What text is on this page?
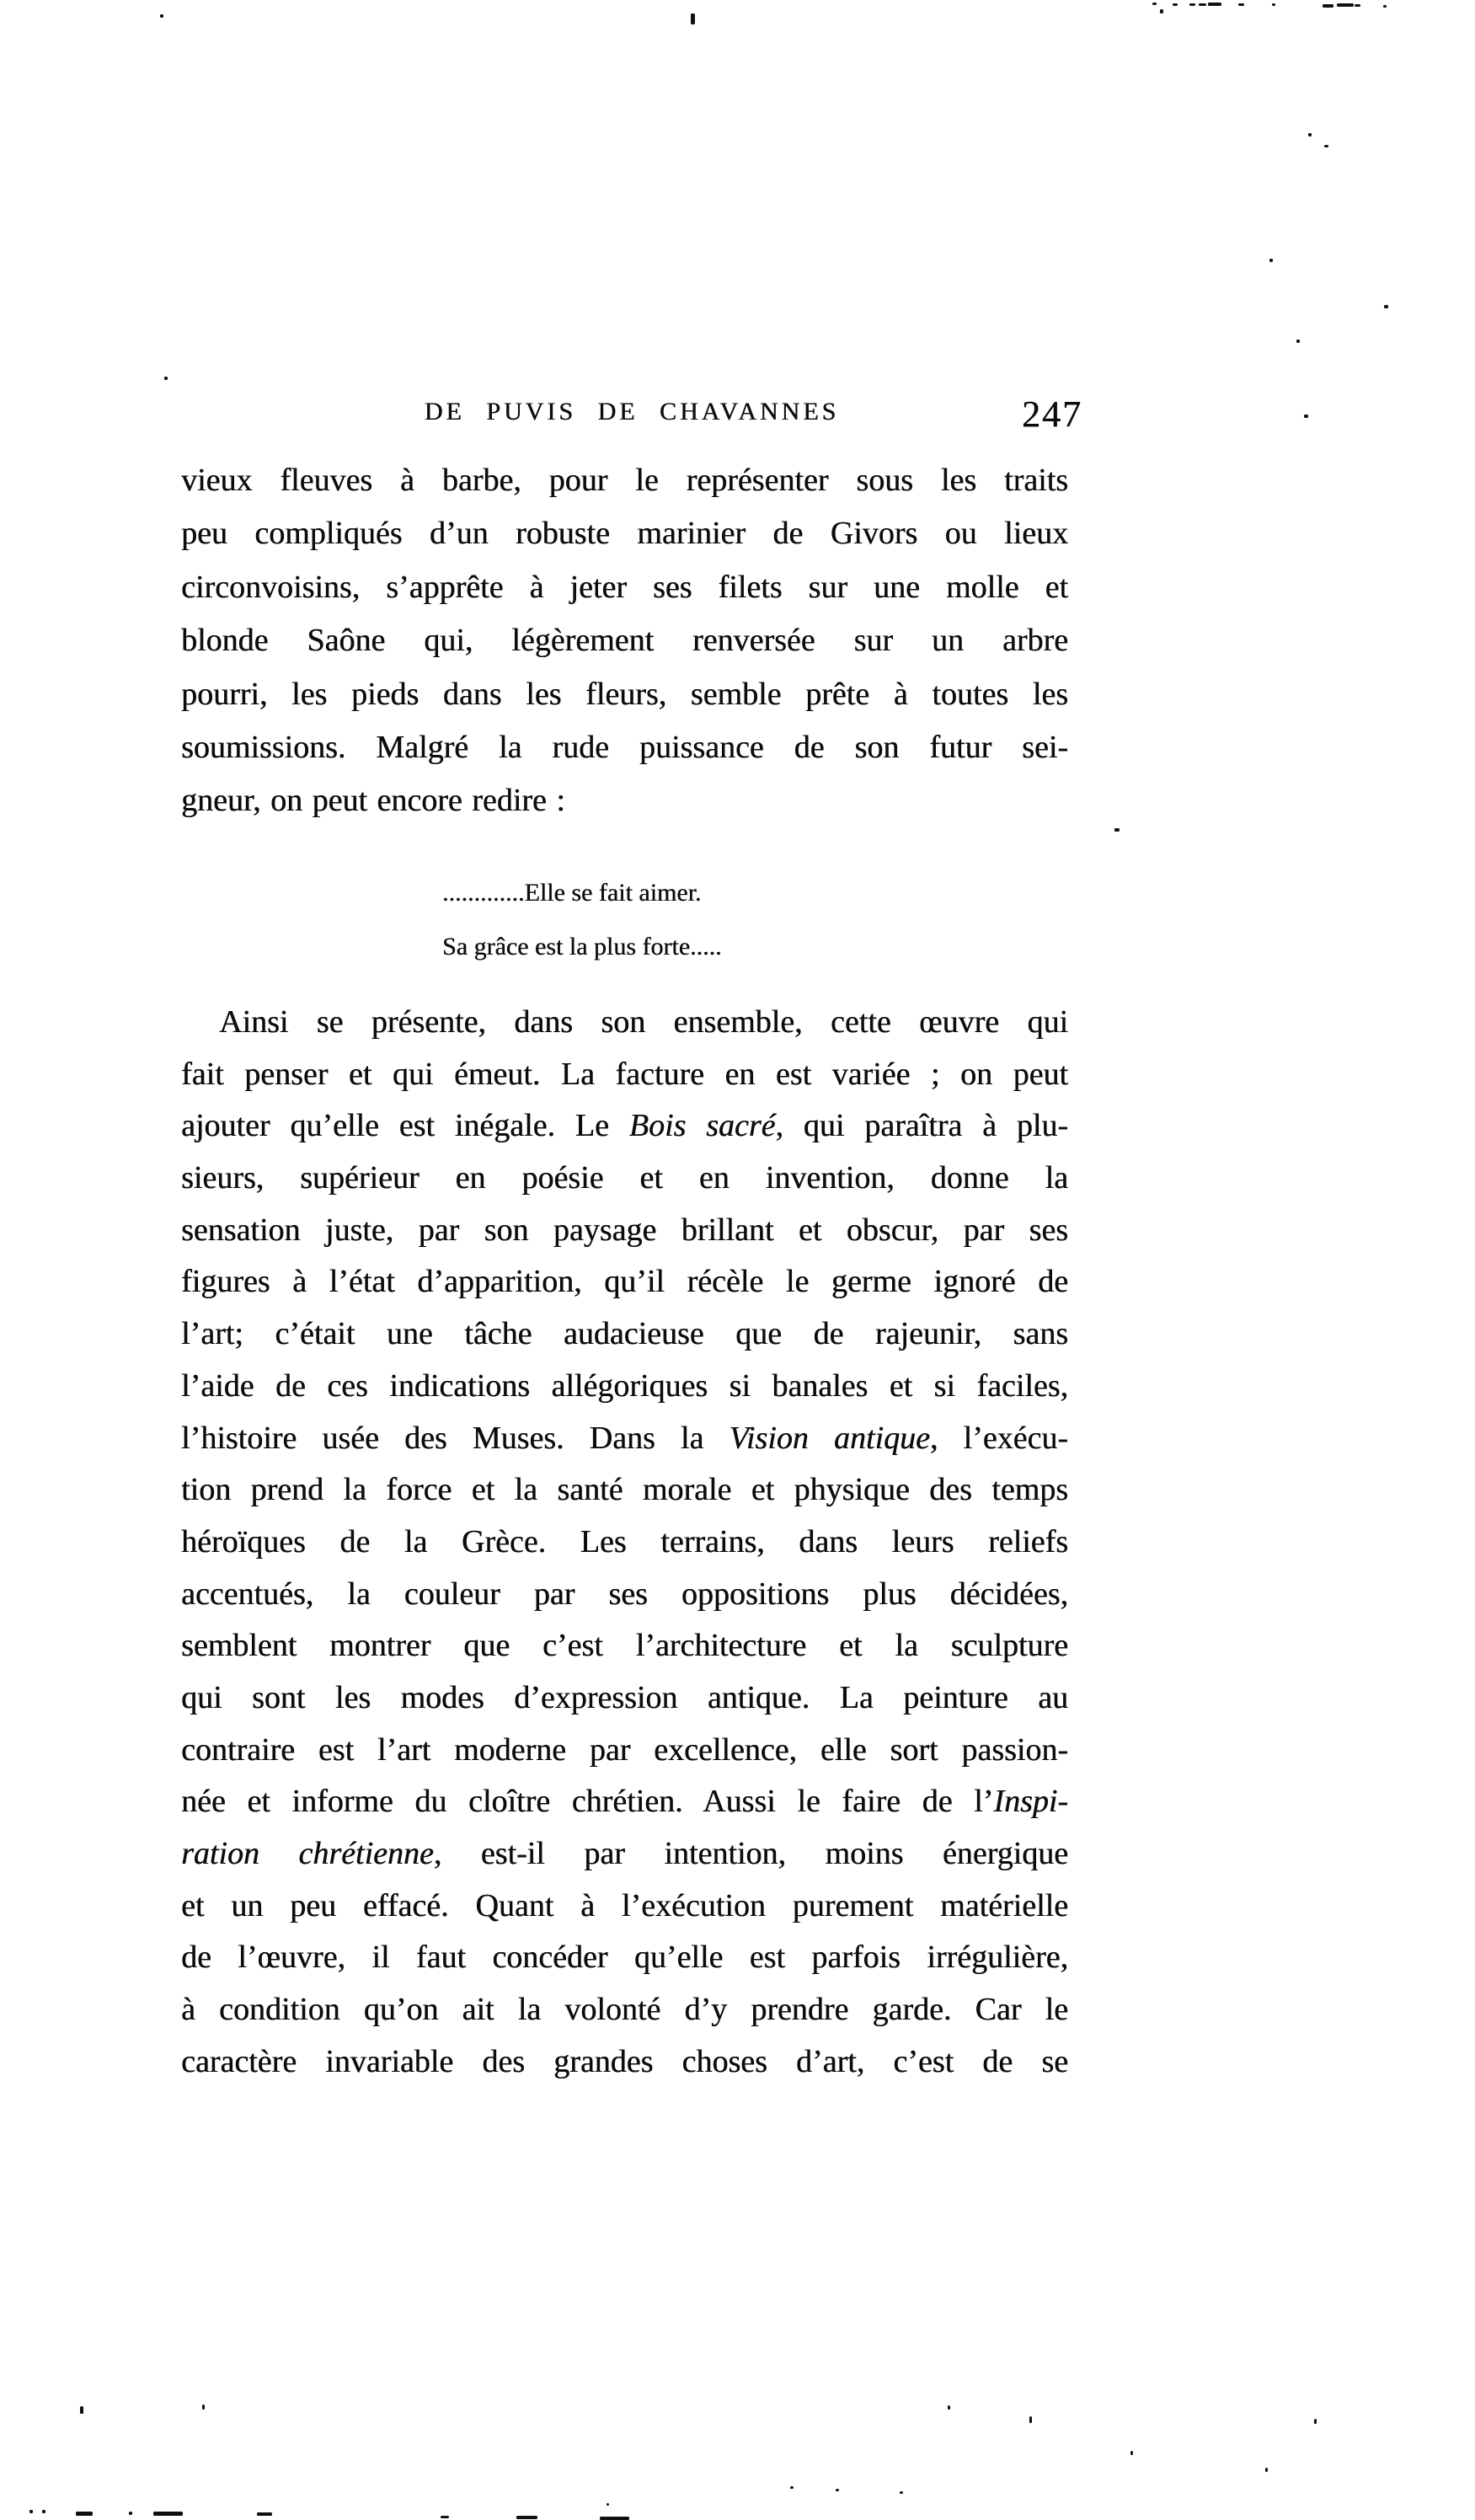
DE PUVIS DE CHAVANNES	247
vieux fleuves à barbe, pour le représenter sous les traits
peu compliqués d’un robuste marinier de Givors ou lieux
circonvoisins, s’apprête à jeter ses filets sur une molle et
blonde Saône qui, légèrement renversée sur un arbre
pourri, les pieds dans les fleurs, semble prête à toutes les
soumissions. Malgré la rude puissance de son futur sei-
gneur, on peut encore redire :
.............Elle se fait aimer.
Sa grâce est la plus forte.....
Ainsi se présente, dans son ensemble, cette œuvre qui
fait penser et qui émeut. La facture en est variée ; on peut
ajouter qu’elle est inégale. Le Bois sacré, qui paraîtra à plu-
sieurs, supérieur en poésie et en invention, donne la
sensation juste, par son paysage brillant et obscur, par ses
figures à l’état d’apparition, qu’il récèle le germe ignoré de
l’art; c’était une tâche audacieuse que de rajeunir, sans
l’aide de ces indications allégoriques si banales et si faciles,
l’histoire usée des Muses. Dans la Vision antique, l’exécu-
tion prend la force et la santé morale et physique des temps
héroïques de la Grèce. Les terrains, dans leurs reliefs
accentués, la couleur par ses oppositions plus décidées,
semblent montrer que c’est l’architecture et la sculpture
qui sont les modes d’expression antique. La peinture au
contraire est l’art moderne par excellence, elle sort passion-
née et informe du cloître chrétien. Aussi le faire de l’Inspi-
ration chrétienne, est-il par intention, moins énergique
et un peu effacé. Quant à l’exécution purement matérielle
de l’œuvre, il faut concéder qu’elle est parfois irrégulière,
à condition qu’on ait la volonté d’y prendre garde. Car le
caractère invariable des grandes choses d’art, c’est de se
